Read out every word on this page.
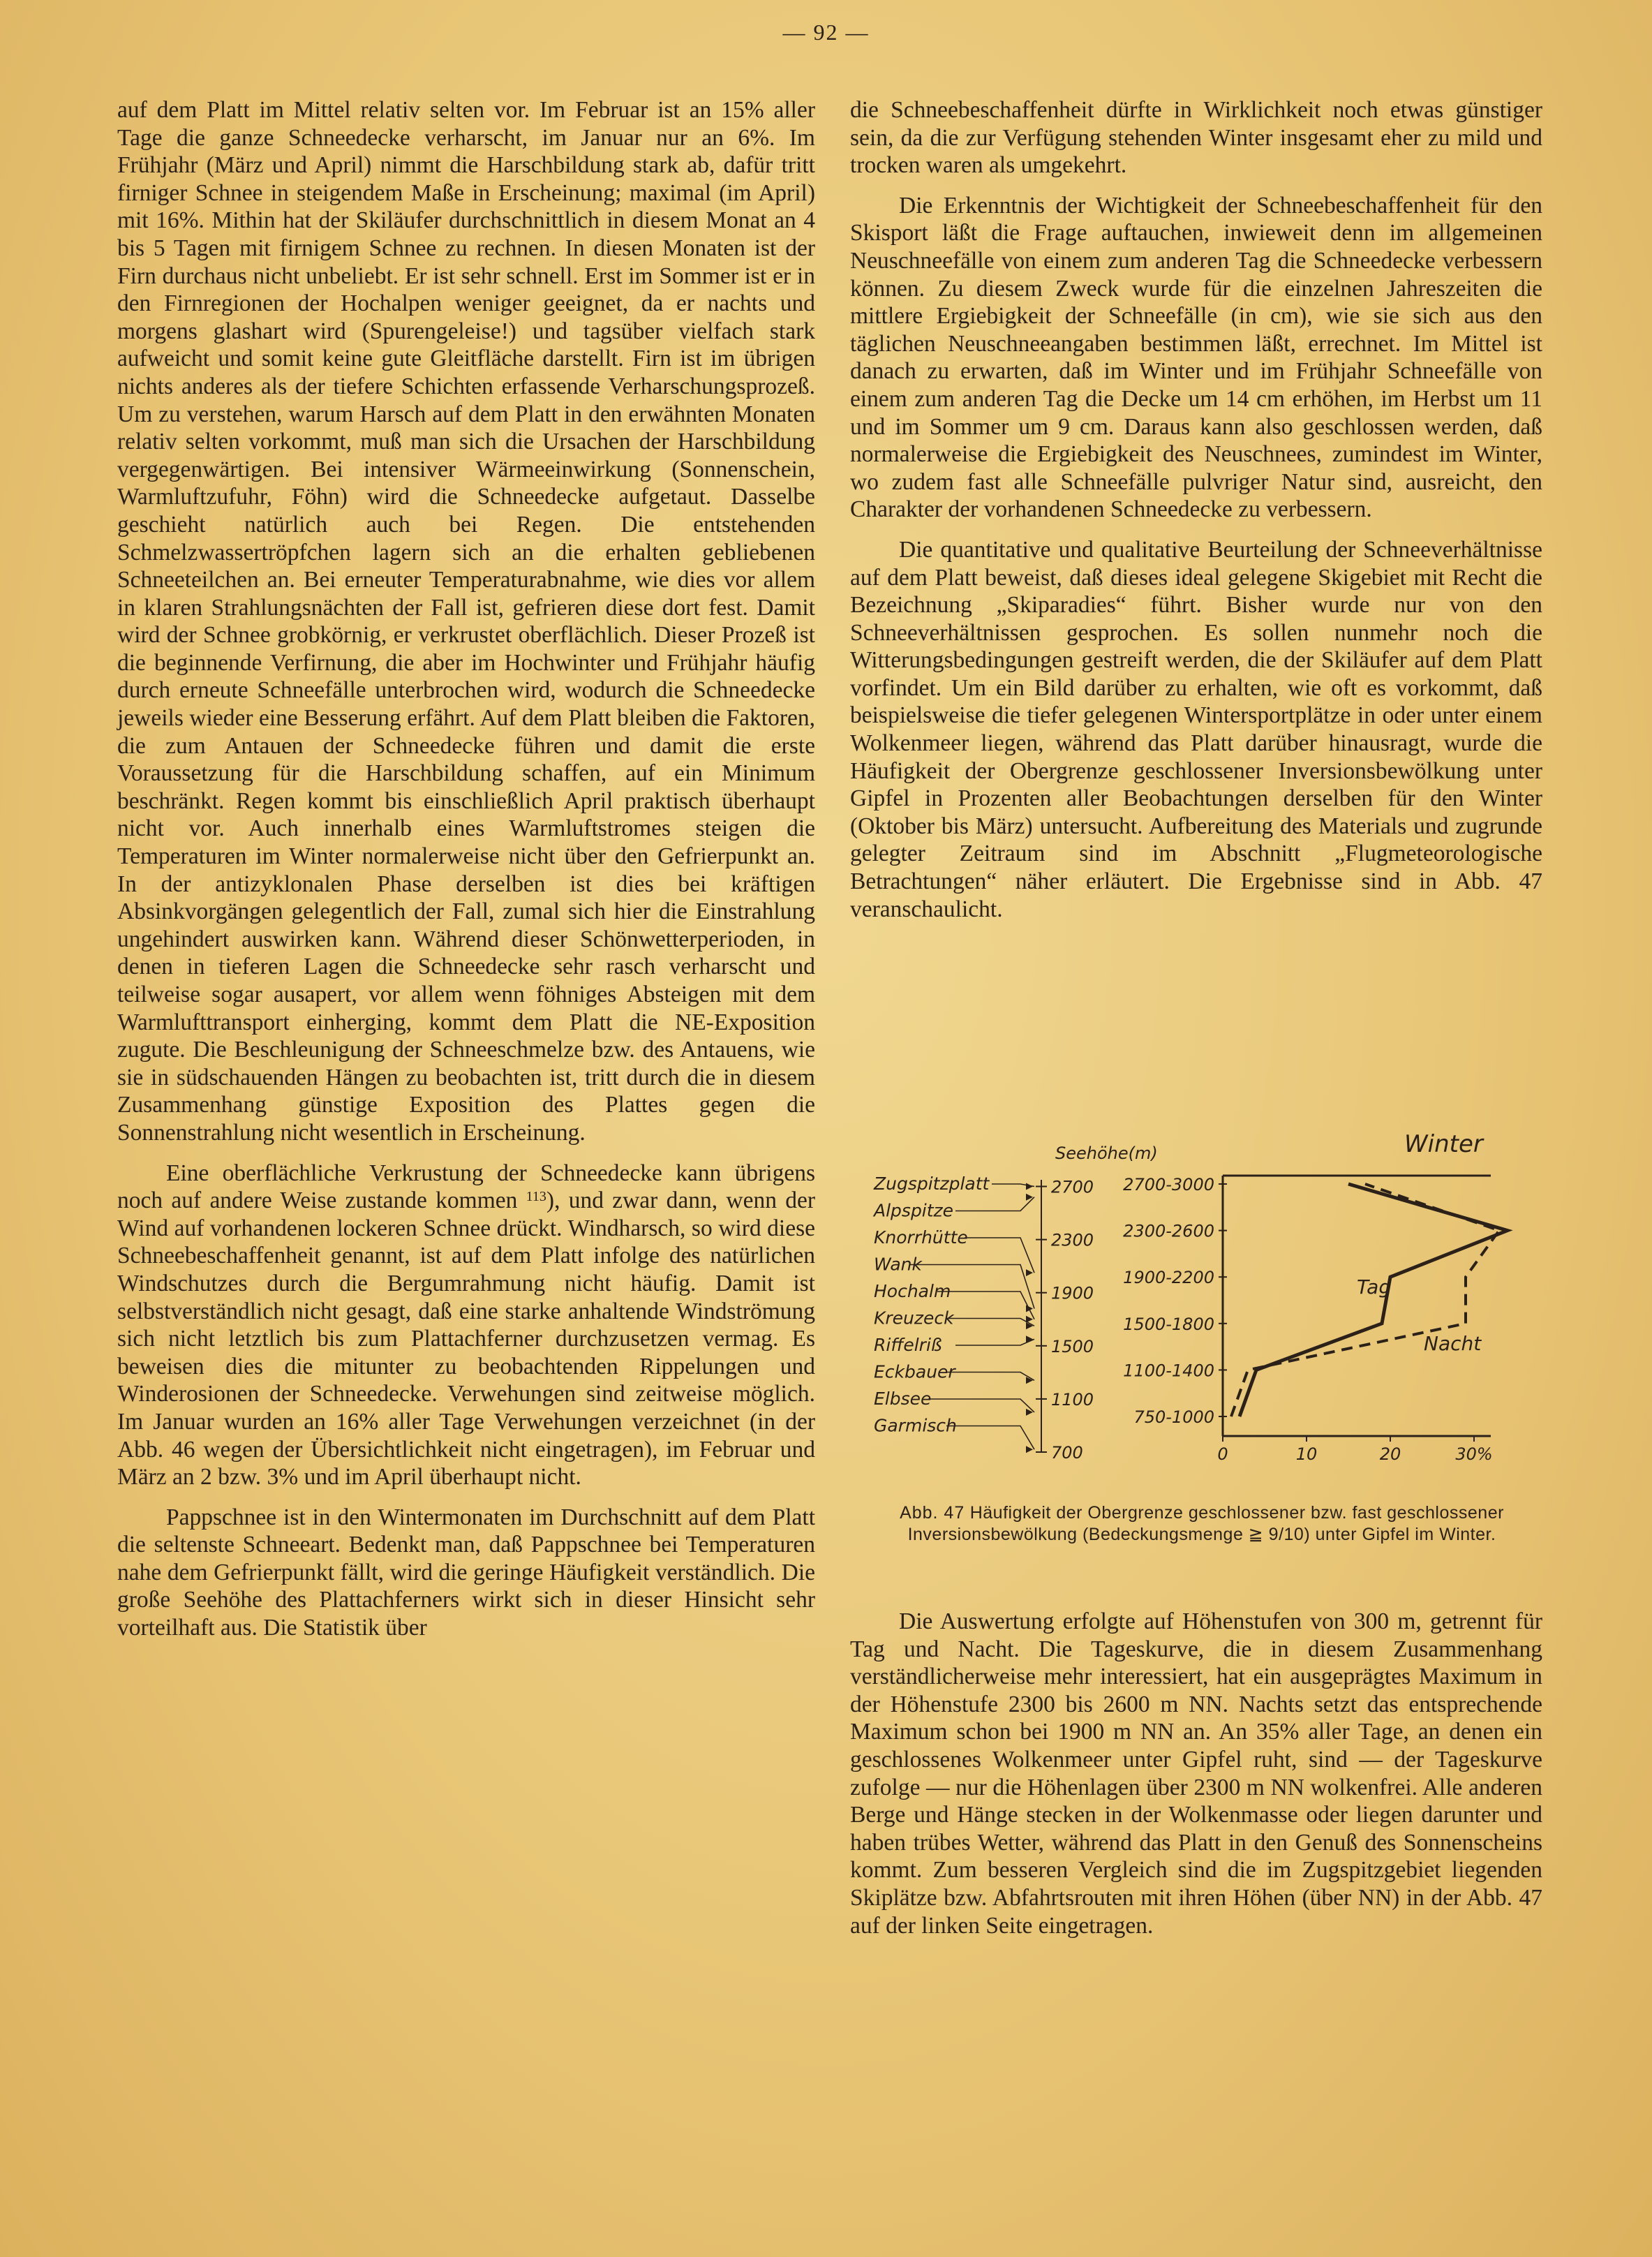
— 92 —

auf dem Platt im Mittel relativ selten vor. Im Februar ist an 15% aller Tage die ganze Schneedecke verharscht, im Januar nur an 6%. Im Frühjahr (März und April) nimmt die Harschbildung stark ab, dafür tritt firniger Schnee in steigendem Maße in Erscheinung; maximal (im April) mit 16%. Mithin hat der Skiläufer durchschnittlich in diesem Monat an 4 bis 5 Tagen mit firnigem Schnee zu rechnen. In diesen Monaten ist der Firn durchaus nicht unbeliebt. Er ist sehr schnell. Erst im Sommer ist er in den Firnregionen der Hochalpen weniger geeignet, da er nachts und morgens glashart wird (Spurengeleise!) und tagsüber vielfach stark aufweicht und somit keine gute Gleitfläche darstellt. Firn ist im übrigen nichts anderes als der tiefere Schichten erfassende Verharschungsprozeß. Um zu verstehen, warum Harsch auf dem Platt in den erwähnten Monaten relativ selten vorkommt, muß man sich die Ursachen der Harschbildung vergegenwärtigen. Bei intensiver Wärmeeinwirkung (Sonnenschein, Warmluftzufuhr, Föhn) wird die Schneedecke aufgetaut. Dasselbe geschieht natürlich auch bei Regen. Die entstehenden Schmelzwassertröpfchen lagern sich an die erhalten gebliebenen Schneeteilchen an. Bei erneuter Temperaturabnahme, wie dies vor allem in klaren Strahlungsnächten der Fall ist, gefrieren diese dort fest. Damit wird der Schnee grobkörnig, er verkrustet oberflächlich. Dieser Prozeß ist die beginnende Verfirnung, die aber im Hochwinter und Frühjahr häufig durch erneute Schneefälle unterbrochen wird, wodurch die Schneedecke jeweils wieder eine Besserung erfährt. Auf dem Platt bleiben die Faktoren, die zum Antauen der Schneedecke führen und damit die erste Voraussetzung für die Harschbildung schaffen, auf ein Minimum beschränkt. Regen kommt bis einschließlich April praktisch überhaupt nicht vor. Auch innerhalb eines Warmluftstromes steigen die Temperaturen im Winter normalerweise nicht über den Gefrierpunkt an. In der antizyklonalen Phase derselben ist dies bei kräftigen Absinkvorgängen gelegentlich der Fall, zumal sich hier die Einstrahlung ungehindert auswirken kann. Während dieser Schönwetterperioden, in denen in tieferen Lagen die Schneedecke sehr rasch verharscht und teilweise sogar ausapert, vor allem wenn föhniges Absteigen mit dem Warmlufttransport einherging, kommt dem Platt die NE-Exposition zugute. Die Beschleunigung der Schneeschmelze bzw. des Antauens, wie sie in südschauenden Hängen zu beobachten ist, tritt durch die in diesem Zusammenhang günstige Exposition des Plattes gegen die Sonnenstrahlung nicht wesentlich in Erscheinung.

Eine oberflächliche Verkrustung der Schneedecke kann übrigens noch auf andere Weise zustande kommen $^{113}$), und zwar dann, wenn der Wind auf vorhandenen lockeren Schnee drückt. Windharsch, so wird diese Schneebeschaffenheit genannt, ist auf dem Platt infolge des natürlichen Windschutzes durch die Bergumrahmung nicht häufig. Damit ist selbstverständlich nicht gesagt, daß eine starke anhaltende Windströmung sich nicht letztlich bis zum Plattachferner durchzusetzen vermag. Es beweisen dies die mitunter zu beobachtenden Rippelungen und Winderosionen der Schneedecke. Verwehungen sind zeitweise möglich. Im Januar wurden an 16% aller Tage Verwehungen verzeichnet (in der Abb. 46 wegen der Übersichtlichkeit nicht eingetragen), im Februar und März an 2 bzw. 3% und im April überhaupt nicht.

Pappschnee ist in den Wintermonaten im Durchschnitt auf dem Platt die seltenste Schneeart. Bedenkt man, daß Pappschnee bei Temperaturen nahe dem Gefrierpunkt fällt, wird die geringe Häufigkeit verständlich. Die große Seehöhe des Plattachferners wirkt sich in dieser Hinsicht sehr vorteilhaft aus. Die Statistik über

die Schneebeschaffenheit dürfte in Wirklichkeit noch etwas günstiger sein, da die zur Verfügung stehenden Winter insgesamt eher zu mild und trocken waren als umgekehrt.

Die Erkenntnis der Wichtigkeit der Schneebeschaffenheit für den Skisport läßt die Frage auftauchen, inwieweit denn im allgemeinen Neuschneefälle von einem zum anderen Tag die Schneedecke verbessern können. Zu diesem Zweck wurde für die einzelnen Jahreszeiten die mittlere Ergiebigkeit der Schneefälle (in cm), wie sie sich aus den täglichen Neuschneeangaben bestimmen läßt, errechnet. Im Mittel ist danach zu erwarten, daß im Winter und im Frühjahr Schneefälle von einem zum anderen Tag die Decke um 14 cm erhöhen, im Herbst um 11 und im Sommer um 9 cm. Daraus kann also geschlossen werden, daß normalerweise die Ergiebigkeit des Neuschnees, zumindest im Winter, wo zudem fast alle Schneefälle pulvriger Natur sind, ausreicht, den Charakter der vorhandenen Schneedecke zu verbessern.

Die quantitative und qualitative Beurteilung der Schneeverhältnisse auf dem Platt beweist, daß dieses ideal gelegene Skigebiet mit Recht die Bezeichnung „Skiparadies“ führt. Bisher wurde nur von den Schneeverhältnissen gesprochen. Es sollen nunmehr noch die Witterungsbedingungen gestreift werden, die der Skiläufer auf dem Platt vorfindet. Um ein Bild darüber zu erhalten, wie oft es vorkommt, daß beispielsweise die tiefer gelegenen Wintersportplätze in oder unter einem Wolkenmeer liegen, während das Platt darüber hinausragt, wurde die Häufigkeit der Obergrenze geschlossener Inversionsbewölkung unter Gipfel in Prozenten aller Beobachtungen derselben für den Winter (Oktober bis März) untersucht. Aufbereitung des Materials und zugrunde gelegter Zeitraum sind im Abschnitt „Flugmeteorologische Betrachtungen“ näher erläutert. Die Ergebnisse sind in Abb. 47 veranschaulicht.

Zugspitzplatt
Alpspitze
Knorrhütte
Wank
Hochalm
Kreuzeck
Riffelriß
Eckbauer
Elbsee
Garmisch
Winter
Seehöhe(m)
2700
2300
1900
1500
1100
700
750-1000
1100-1400
1500-1800
1900-2200
2300-2600
2700-3000
0	10	20	30%
Tag
Nacht
Abb. 47 Häufigkeit der Obergrenze geschlossener bzw. fast geschlossener Inversionsbewölkung (Bedeckungsmenge ≧ 9/10) unter Gipfel im Winter.

Die Auswertung erfolgte auf Höhenstufen von 300 m, getrennt für Tag und Nacht. Die Tageskurve, die in diesem Zusammenhang verständlicherweise mehr interessiert, hat ein ausgeprägtes Maximum in der Höhenstufe 2300 bis 2600 m NN. Nachts setzt das entsprechende Maximum schon bei 1900 m NN an. An 35% aller Tage, an denen ein geschlossenes Wolkenmeer unter Gipfel ruht, sind — der Tageskurve zufolge — nur die Höhenlagen über 2300 m NN wolkenfrei. Alle anderen Berge und Hänge stecken in der Wolkenmasse oder liegen darunter und haben trübes Wetter, während das Platt in den Genuß des Sonnenscheins kommt. Zum besseren Vergleich sind die im Zugspitzgebiet liegenden Skiplätze bzw. Abfahrtsrouten mit ihren Höhen (über NN) in der Abb. 47 auf der linken Seite eingetragen.
